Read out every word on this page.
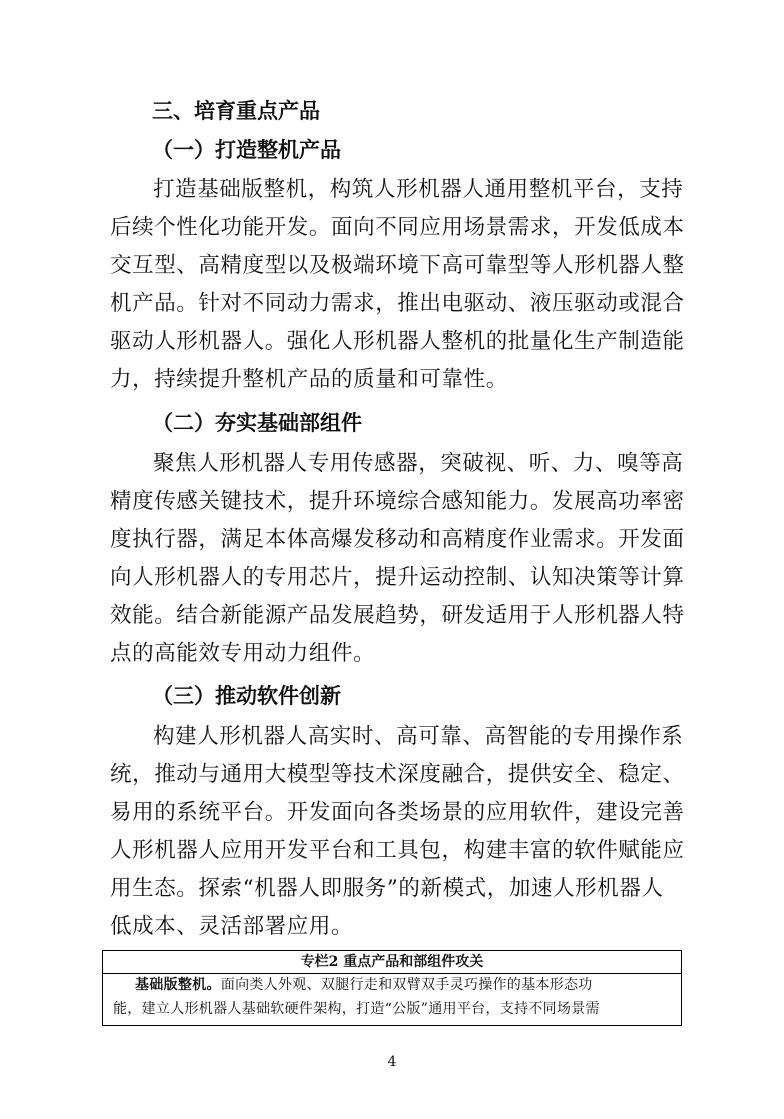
三、培育重点产品
（一）打造整机产品
打造基础版整机，构筑人形机器人通用整机平台，支持
后续个性化功能开发。面向不同应用场景需求，开发低成本
交互型、高精度型以及极端环境下高可靠型等人形机器人整
机产品。针对不同动力需求，推出电驱动、液压驱动或混合
驱动人形机器人。强化人形机器人整机的批量化生产制造能
力，持续提升整机产品的质量和可靠性。
（二）夯实基础部组件
聚焦人形机器人专用传感器，突破视、听、力、嗅等高
精度传感关键技术，提升环境综合感知能力。发展高功率密
度执行器，满足本体高爆发移动和高精度作业需求。开发面
向人形机器人的专用芯片，提升运动控制、认知决策等计算
效能。结合新能源产品发展趋势，研发适用于人形机器人特
点的高能效专用动力组件。
（三）推动软件创新
构建人形机器人高实时、高可靠、高智能的专用操作系
统，推动与通用大模型等技术深度融合，提供安全、稳定、
易用的系统平台。开发面向各类场景的应用软件，建设完善
人形机器人应用开发平台和工具包，构建丰富的软件赋能应
用生态。探索“机器人即服务”的新模式，加速人形机器人
低成本、灵活部署应用。
专栏2 重点产品和部组件攻关
基础版整机。面向类人外观、双腿行走和双臂双手灵巧操作的基本形态功
能，建立人形机器人基础软硬件架构，打造“公版”通用平台，支持不同场景需
4
